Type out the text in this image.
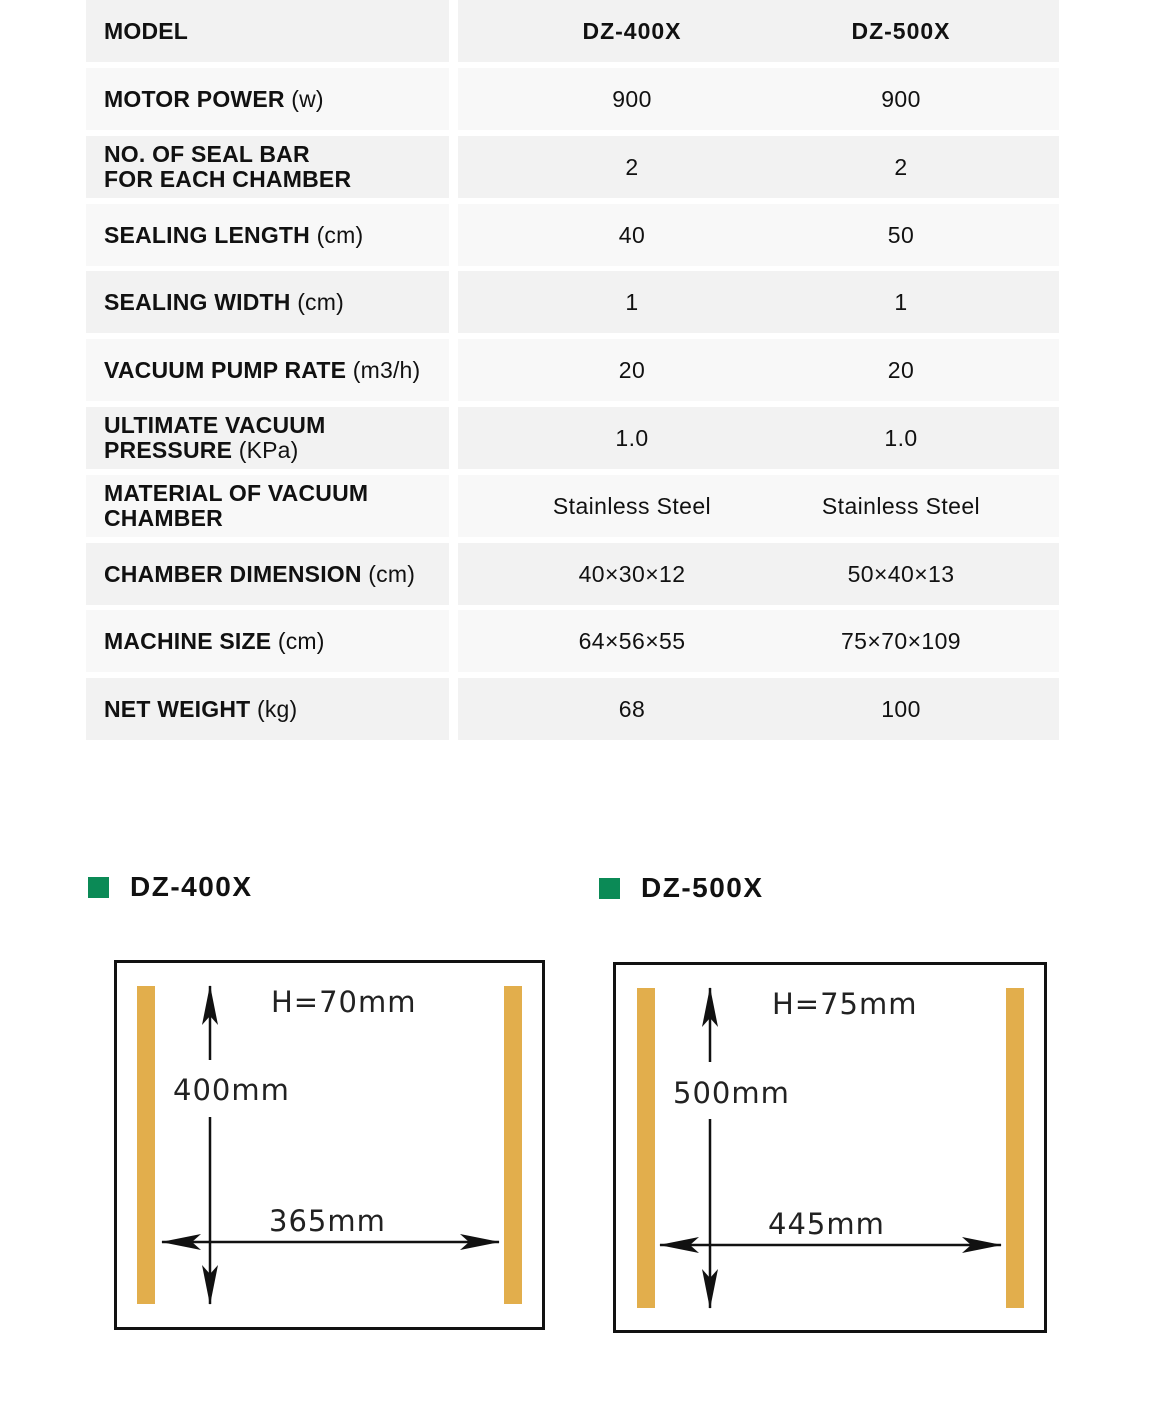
MODEL	DZ-400X	DZ-500X
MOTOR POWER (w)	900	900
NO. OF SEAL BAR
FOR EACH CHAMBER	2	2
SEALING LENGTH (cm)	40	50
SEALING WIDTH (cm)	1	1
VACUUM PUMP RATE (m3/h)	20	20
ULTIMATE VACUUM
PRESSURE (KPa)	1.0	1.0
MATERIAL OF VACUUM
CHAMBER	Stainless Steel	Stainless Steel
CHAMBER DIMENSION (cm)	40×30×12	50×40×13
MACHINE SIZE (cm)	64×56×55	75×70×109
NET WEIGHT (kg)	68	100
DZ-400X	DZ-500X
H=70mm
400mm
365mm
H=75mm
500mm
445mm
